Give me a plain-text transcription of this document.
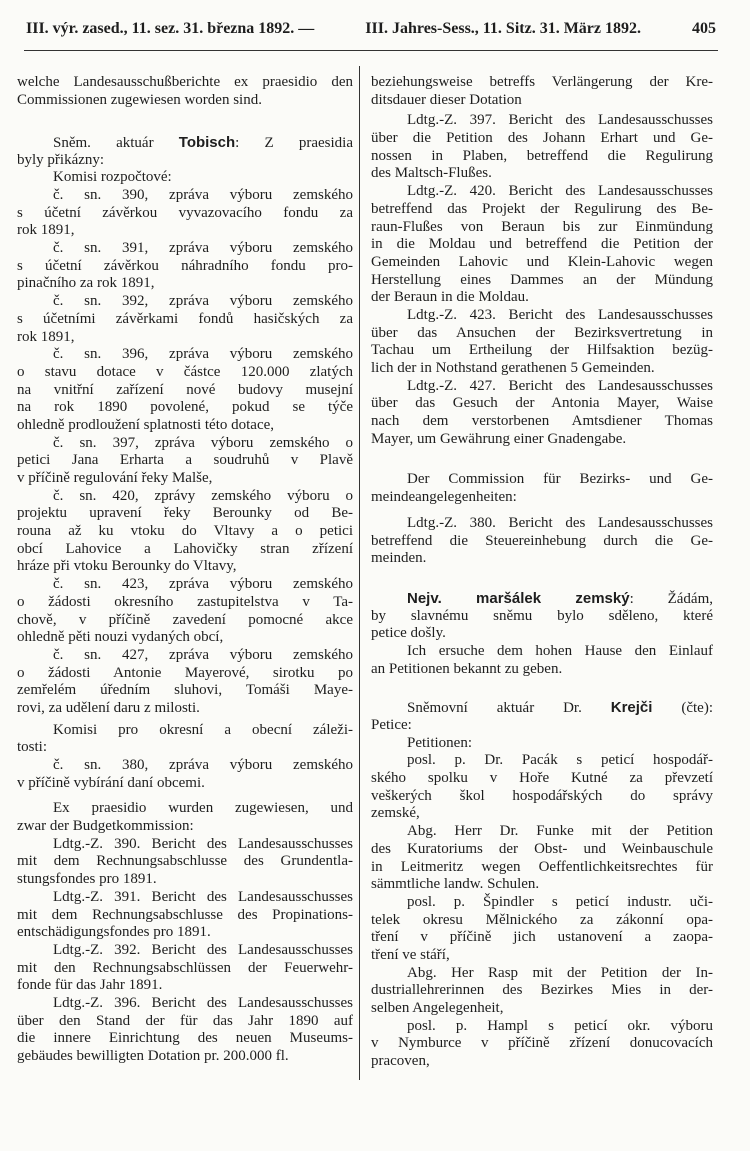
III. výr. zased., 11. sez. 31. března 1892. —	III. Jahres-Sess., 11. Sitz. 31. März 1892.	405
welche Landesausschußberichte ex praesidio den
Commissionen zugewiesen worden sind.
Sněm. aktuár Tobisch: Z praesidia
byly přikázny:
Komisi rozpočtové:
č. sn. 390, zpráva výboru zemského
s účetní závěrkou vyvazovacího fondu za
rok 1891,
č. sn. 391, zpráva výboru zemského
s účetní závěrkou náhradního fondu pro-
pinačního za rok 1891,
č. sn. 392, zpráva výboru zemského
s účetními závěrkami fondů hasičských za
rok 1891,
č. sn. 396, zpráva výboru zemského
o stavu dotace v částce 120.000 zlatých
na vnitřní zařízení nové budovy musejní
na rok 1890 povolené, pokud se týče
ohledně prodloužení splatnosti této dotace,
č. sn. 397, zpráva výboru zemského o
petici Jana Erharta a soudruhů v Plavě
v příčině regulování řeky Malše,
č. sn. 420, zprávy zemského výboru o
projektu upravení řeky Berounky od Be-
rouna až ku vtoku do Vltavy a o petici
obcí Lahovice a Lahovičky stran zřízení
hráze při vtoku Berounky do Vltavy,
č. sn. 423, zpráva výboru zemského
o žádosti okresního zastupitelstva v Ta-
chově, v příčině zavedení pomocné akce
ohledně pěti nouzi vydaných obcí,
č. sn. 427, zpráva výboru zemského
o žádosti Antonie Mayerové, sirotku po
zemřelém úředním sluhovi, Tomáši Maye-
rovi, za udělení daru z milosti.
Komisi pro okresní a obecní záleži-
tosti:
č. sn. 380, zpráva výboru zemského
v příčině vybírání daní obcemi.
Ex praesidio wurden zugewiesen, und
zwar der Budgetkommission:
Ldtg.-Z. 390. Bericht des Landesausschusses
mit dem Rechnungsabschlusse des Grundentla-
stungsfondes pro 1891.
Ldtg.-Z. 391. Bericht des Landesausschusses
mit dem Rechnungsabschlusse des Propinations-
entschädigungsfondes pro 1891.
Ldtg.-Z. 392. Bericht des Landesausschusses
mit den Rechnungsabschlüssen der Feuerwehr-
fonde für das Jahr 1891.
Ldtg.-Z. 396. Bericht des Landesausschusses
über den Stand der für das Jahr 1890 auf
die innere Einrichtung des neuen Museums-
gebäudes bewilligten Dotation pr. 200.000 fl.
beziehungsweise betreffs Verlängerung der Kre-
ditsdauer dieser Dotation
Ldtg.-Z. 397. Bericht des Landesausschusses
über die Petition des Johann Erhart und Ge-
nossen in Plaben, betreffend die Regulirung
des Maltsch-Flußes.
Ldtg.-Z. 420. Bericht des Landesausschusses
betreffend das Projekt der Regulirung des Be-
raun-Flußes von Beraun bis zur Einmündung
in die Moldau und betreffend die Petition der
Gemeinden Lahovic und Klein-Lahovic wegen
Herstellung eines Dammes an der Mündung
der Beraun in die Moldau.
Ldtg.-Z. 423. Bericht des Landesausschusses
über das Ansuchen der Bezirksvertretung in
Tachau um Ertheilung der Hilfsaktion bezüg-
lich der in Nothstand gerathenen 5 Gemeinden.
Ldtg.-Z. 427. Bericht des Landesausschusses
über das Gesuch der Antonia Mayer, Waise
nach dem verstorbenen Amtsdiener Thomas
Mayer, um Gewährung einer Gnadengabe.
Der Commission für Bezirks- und Ge-
meindeangelegenheiten:
Ldtg.-Z. 380. Bericht des Landesausschusses
betreffend die Steuereinhebung durch die Ge-
meinden.
Nejv. maršálek zemský: Žádám,
by slavnému sněmu bylo sděleno, které
petice došly.
Ich ersuche dem hohen Hause den Einlauf
an Petitionen bekannt zu geben.
Sněmovní aktuár Dr. Krejči (čte):
Petice:
Petitionen:
posl. p. Dr. Pacák s peticí hospodář-
ského spolku v Hoře Kutné za převzetí
veškerých škol hospodářských do správy
zemské,
Abg. Herr Dr. Funke mit der Petition
des Kuratoriums der Obst- und Weinbauschule
in Leitmeritz wegen Oeffentlichkeitsrechtes für
sämmtliche landw. Schulen.
posl. p. Špindler s peticí industr. uči-
telek okresu Mělnického za zákonní opa-
tření v příčině jich ustanovení a zaopa-
tření ve stáří,
Abg. Her Rasp mit der Petition der In-
dustriallehrerinnen des Bezirkes Mies in der-
selben Angelegenheit,
posl. p. Hampl s peticí okr. výboru
v Nymburce v příčině zřízení donucovacích
pracoven,
